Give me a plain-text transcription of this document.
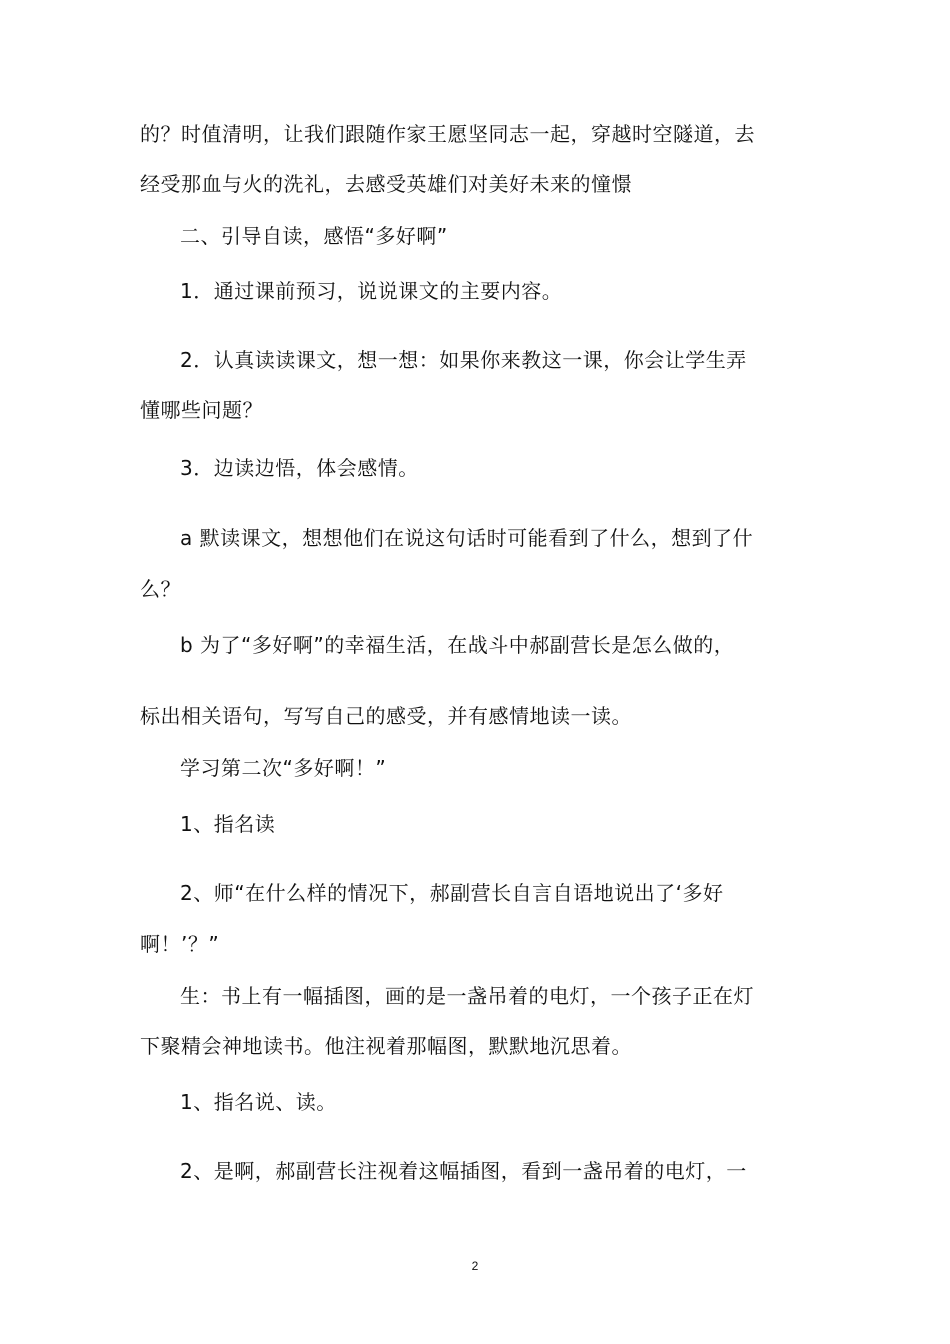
的？时值清明，让我们跟随作家王愿坚同志一起，穿越时空隧道，去

经受那血与火的洗礼，去感受英雄们对美好未来的憧憬

二、引导自读，感悟“多好啊”

1．通过课前预习，说说课文的主要内容。

2．认真读读课文，想一想：如果你来教这一课，你会让学生弄

懂哪些问题？

3．边读边悟，体会感情。

a 默读课文，想想他们在说这句话时可能看到了什么，想到了什

么？

b 为了“多好啊”的幸福生活，在战斗中郝副营长是怎么做的，

标出相关语句，写写自己的感受，并有感情地读一读。

学习第二次“多好啊！”

1、指名读

2、师“在什么样的情况下，郝副营长自言自语地说出了‘多好

啊！’？”

生：书上有一幅插图，画的是一盏吊着的电灯，一个孩子正在灯

下聚精会神地读书。他注视着那幅图，默默地沉思着。

1、指名说、读。

2、是啊，郝副营长注视着这幅插图，看到一盏吊着的电灯，一

2
